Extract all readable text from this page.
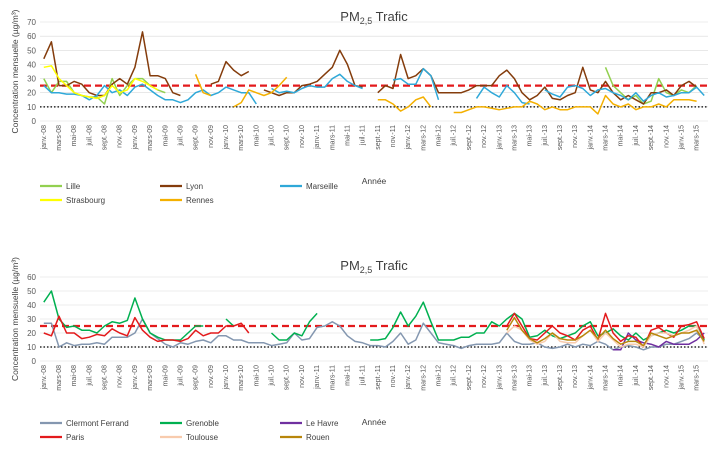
$PM_{2,5}$ Trafic
0
10
20
30
40
50
60
70
Concentration mensuelle (µg/m³)
janv.-08 mars-08 mai-08 juil.-08 sept.-08 nov.-08 janv.-09 mars-09 mai-09 juil.-09 sept.-09 nov.-09 janv.-10 mars-10 mai-10 juil.-10 sept.-10 nov.-10 janv.-11 mars-11 mai-11 juil.-11 sept.-11 nov.-11 janv.-12 mars-12 mai-12 juil.-12 sept.-12 nov.-12 janv.-13 mars-13 mai-13 juil.-13 sept.-13 nov.-13 janv.-14 mars-14 mai-14 juil.-14 sept.-14 nov.-14 janv.-15 mars-15
Année
Lille	Lyon	Marseille
Strasbourg	Rennes
$PM_{2,5}$ Trafic
0
10
20
30
40
50
60
Concentration mensuelle (µg/m³)	janv.-08 mars-08 mai-08 juil.-08 sept.-08 nov.-08 janv.-09 mars-09 mai-09 juil.-09 sept.-09 nov.-09 janv.-10 mars-10 mai-10 juil.-10 sept.-10 nov.-10 janv.-11 mars-11 mai-11 juil.-11 sept.-11 nov.-11 janv.-12 mars-12 mai-12 juil.-12 sept.-12 nov.-12 janv.-13 mars-13 mai-13 juil.-13 sept.-13 nov.-13 janv.-14 mars-14 mai-14 juil.-14 sept.-14 nov.-14 janv.-15 mars-15
Année
Clermont Ferrand	Grenoble	Le Havre
Paris	Toulouse	Rouen
